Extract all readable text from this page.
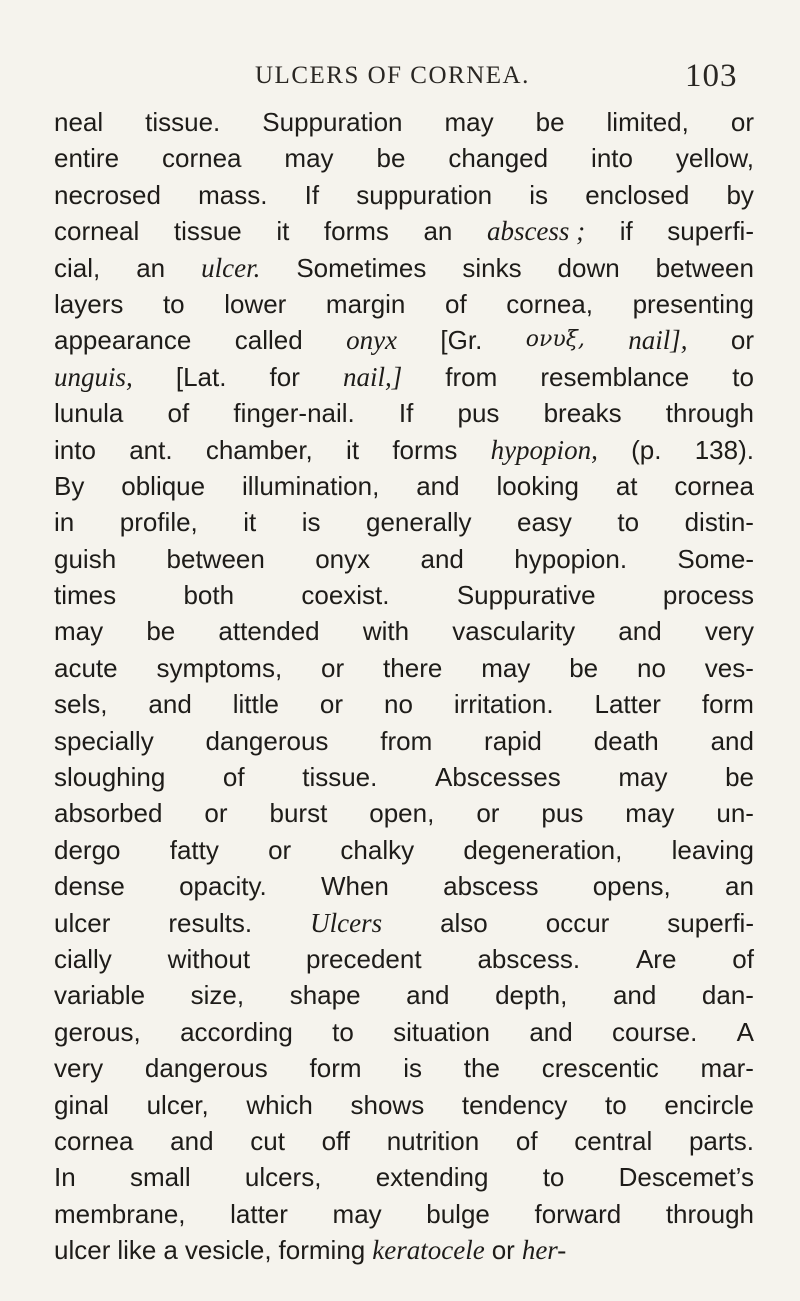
ULCERS OF CORNEA.	103
neal tissue. Suppuration may be limited, or
entire cornea may be changed into yellow,
necrosed mass. If suppuration is enclosed by
corneal tissue it forms an abscess ; if superfi-
cial, an ulcer. Sometimes sinks down between
layers to lower margin of cornea, presenting
appearance called onyx [Gr. ονυξ, nail], or
unguis, [Lat. for nail,] from resemblance to
lunula of finger-nail. If pus breaks through
into ant. chamber, it forms hypopion, (p. 138).
By oblique illumination, and looking at cornea
in profile, it is generally easy to distin-
guish between onyx and hypopion. Some-
times	both	coexist.	Suppurative	process
may be attended with vascularity and very
acute symptoms, or there may be no ves-
sels, and little or no irritation. Latter form
specially dangerous from rapid death and
sloughing of tissue. Abscesses may be
absorbed or burst open, or pus may un-
dergo fatty or chalky degeneration, leaving
dense opacity. When abscess opens, an
ulcer results. Ulcers also occur superfi-
cially without precedent abscess. Are of
variable size, shape and depth, and dan-
gerous, according to situation and course. A
very dangerous form is the crescentic mar-
ginal ulcer, which shows tendency to encircle
cornea and cut off nutrition of central parts.
In small ulcers, extending to Descemet’s
membrane, latter may bulge forward through
ulcer like a vesicle, forming keratocele or her-
